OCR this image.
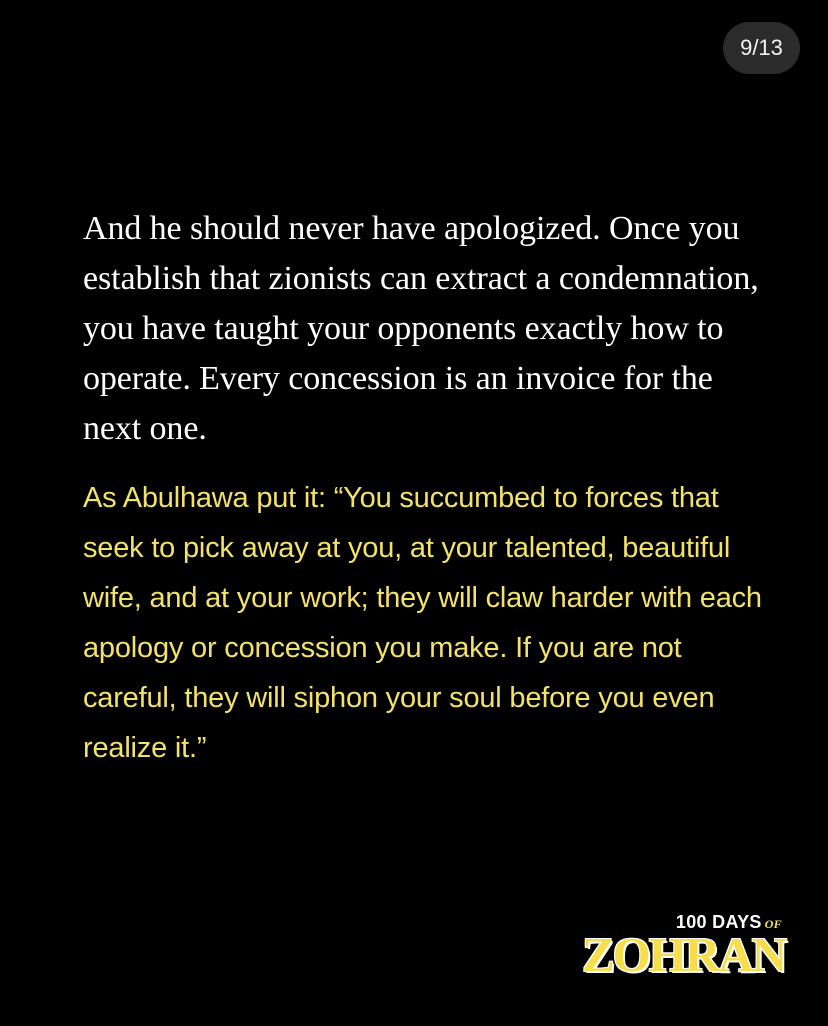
9/13

And he should never have apologized. Once you establish that zionists can extract a condemnation, you have taught your opponents exactly how to operate. Every concession is an invoice for the next one.

As Abulhawa put it: “You succumbed to forces that seek to pick away at you, at your talented, beautiful wife, and at your work; they will claw harder with each apology or concession you make. If you are not careful, they will siphon your soul before you even realize it.”

100 DAYS OF
ZOHRAN
